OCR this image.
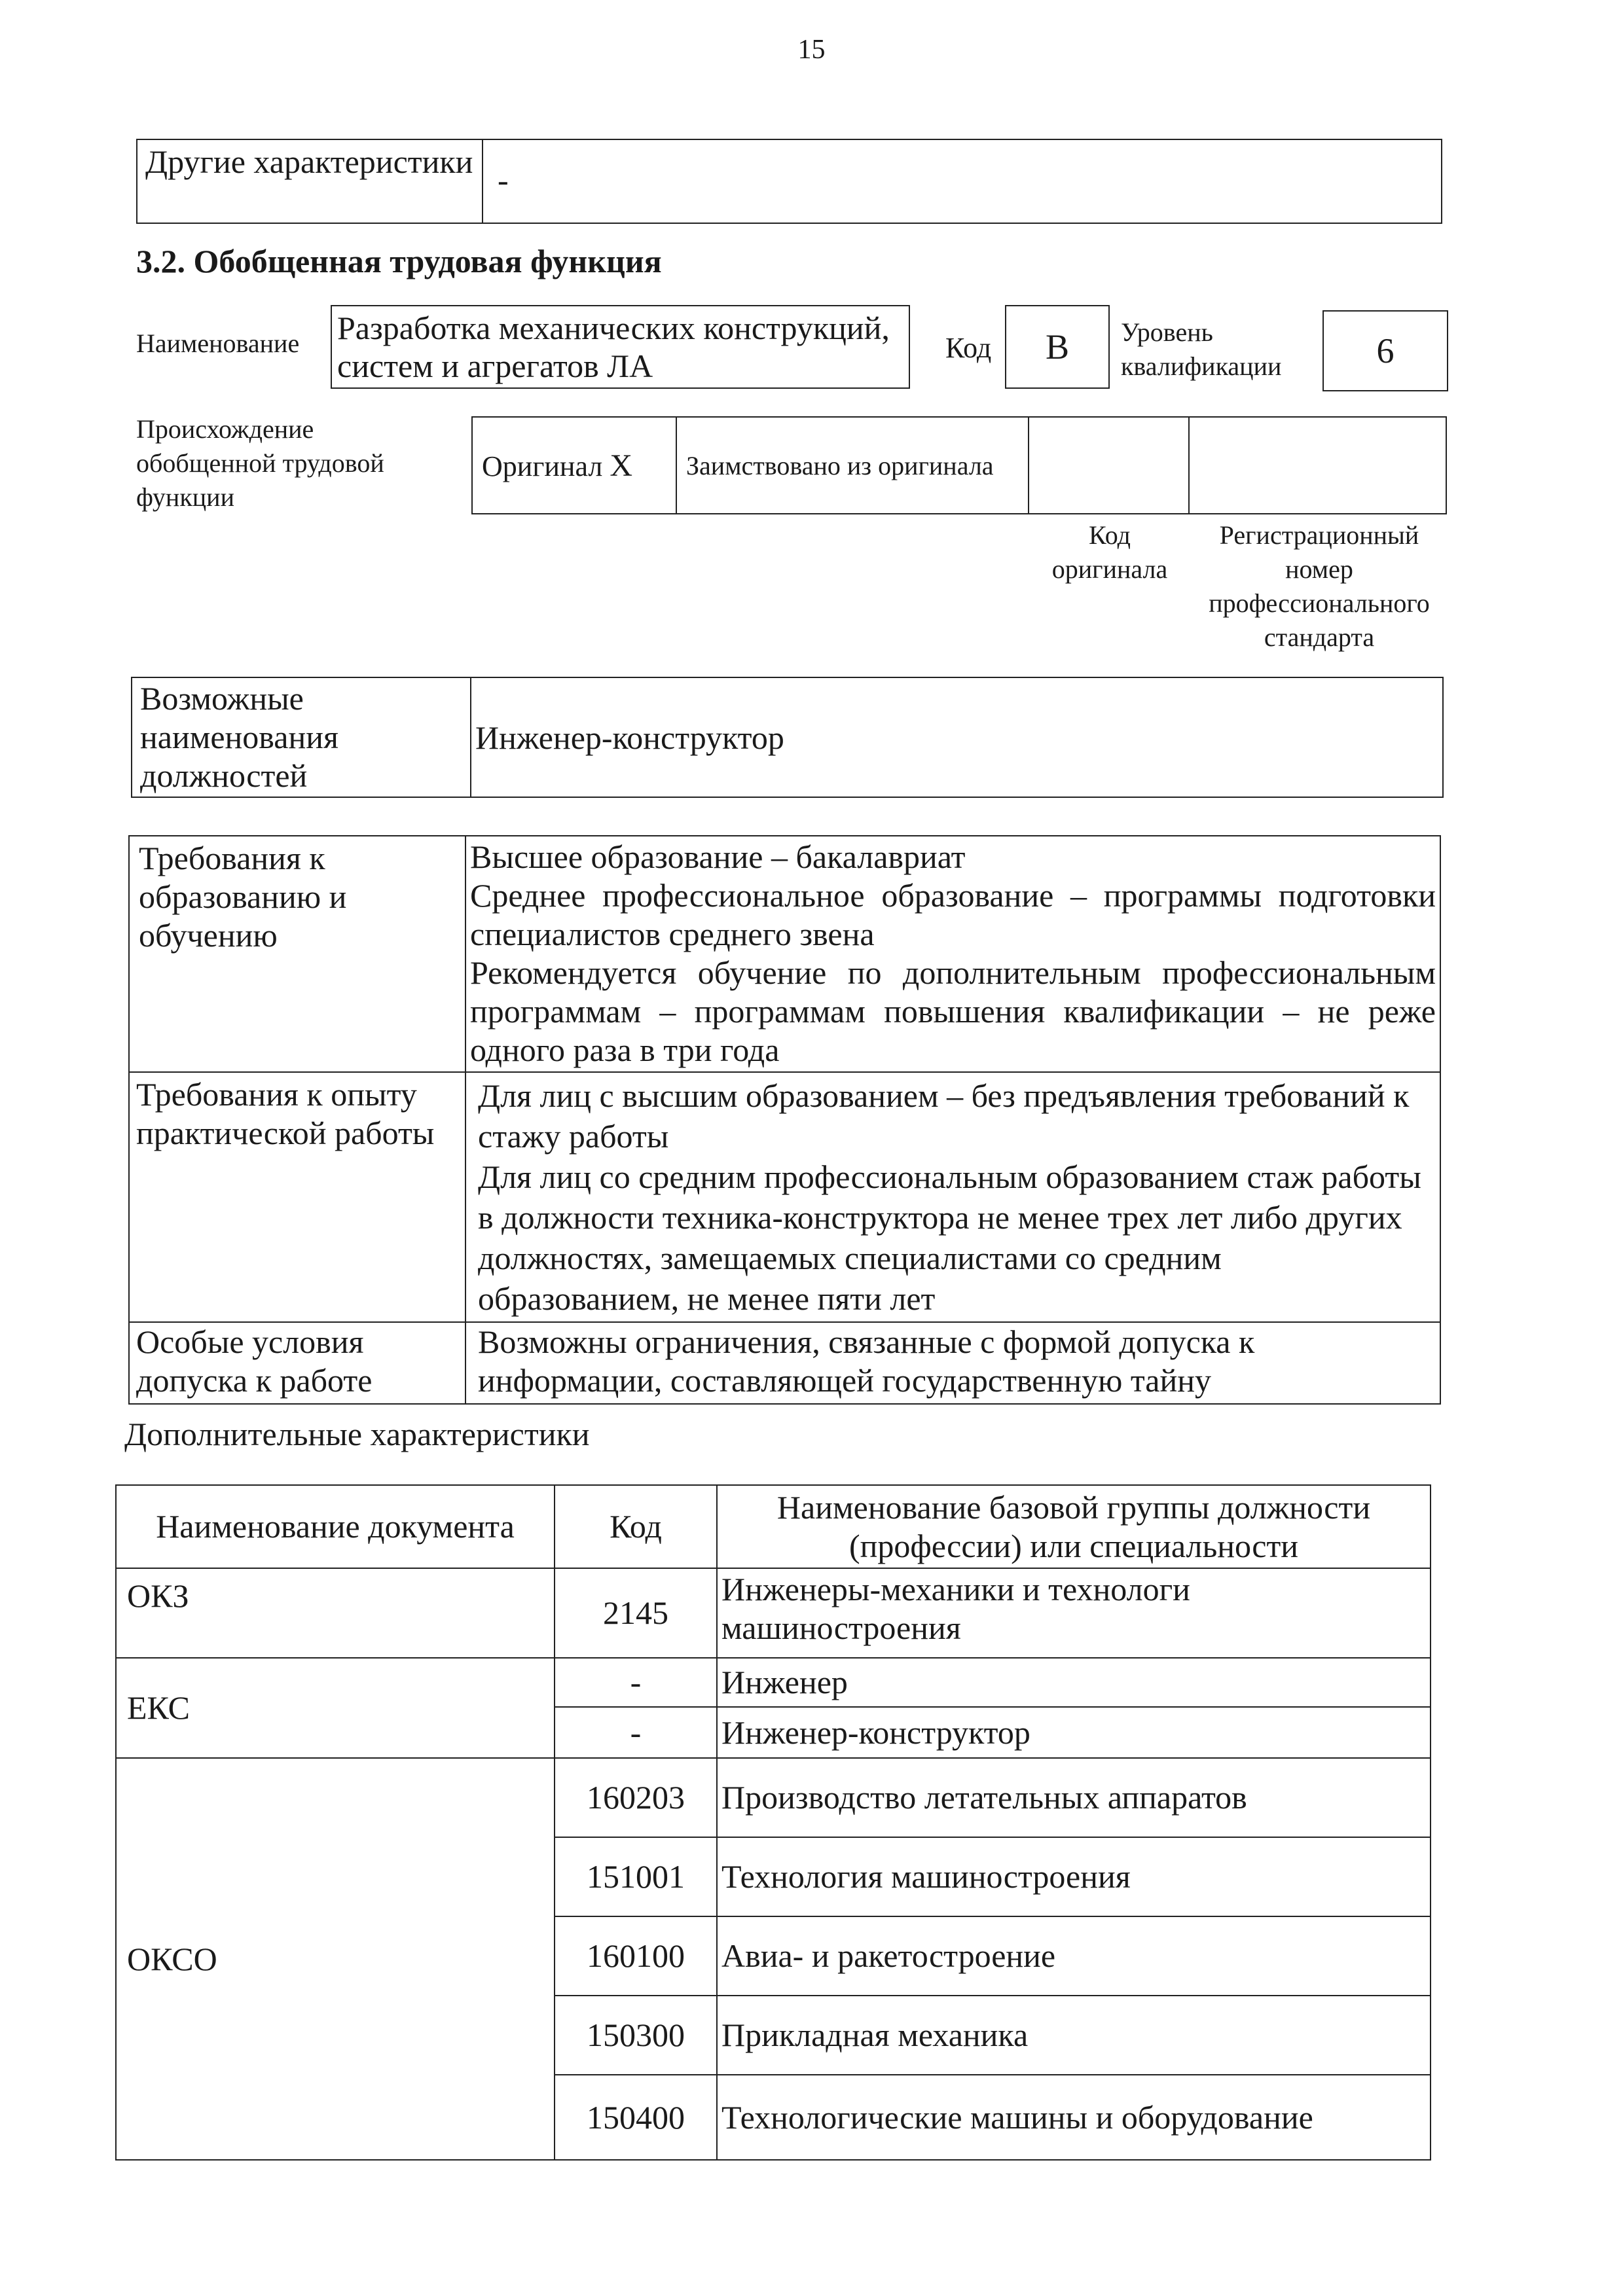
15
Другие характеристики	-
3.2. Обобщенная трудовая функция
Наименование Разработка механических конструкций, систем и агрегатов ЛА	Код B Уровень квалификации	6
Происхождение обобщенной трудовой функции
Оригинал X	Заимствовано из оригинала		
Код оригинала
Регистрационный номер профессионального стандарта
Возможные наименования должностей	Инженер-конструктор
Требования к образованию и обучению	Высшее образование – бакалавриат
Среднее профессиональное образование – программы подготовки специалистов среднего звена
Рекомендуется обучение по дополнительным профессиональным программам – программам повышения квалификации – не реже одного раза в три года

Требования к опыту практической работы	Для лиц с высшим образованием – без предъявления требований к стажу работы
Для лиц со средним профессиональным образованием стаж работы в должности техника-конструктора не менее трех лет либо других должностях, замещаемых специалистами со средним образованием, не менее пяти лет

Особые условия допуска к работе	Возможны ограничения, связанные с формой допуска к информации, составляющей государственную тайну
Дополнительные характеристики
Наименование документа	Код	Наименование базовой группы должности (профессии) или специальности
ОКЗ	2145	Инженеры-механики и технологи машиностроения
ЕКС	-	Инженер
	-	Инженер-конструктор
ОКСО	160203	Производство летательных аппаратов
	151001	Технология машиностроения
	160100	Авиа- и ракетостроение
	150300	Прикладная механика
	150400	Технологические машины и оборудование
